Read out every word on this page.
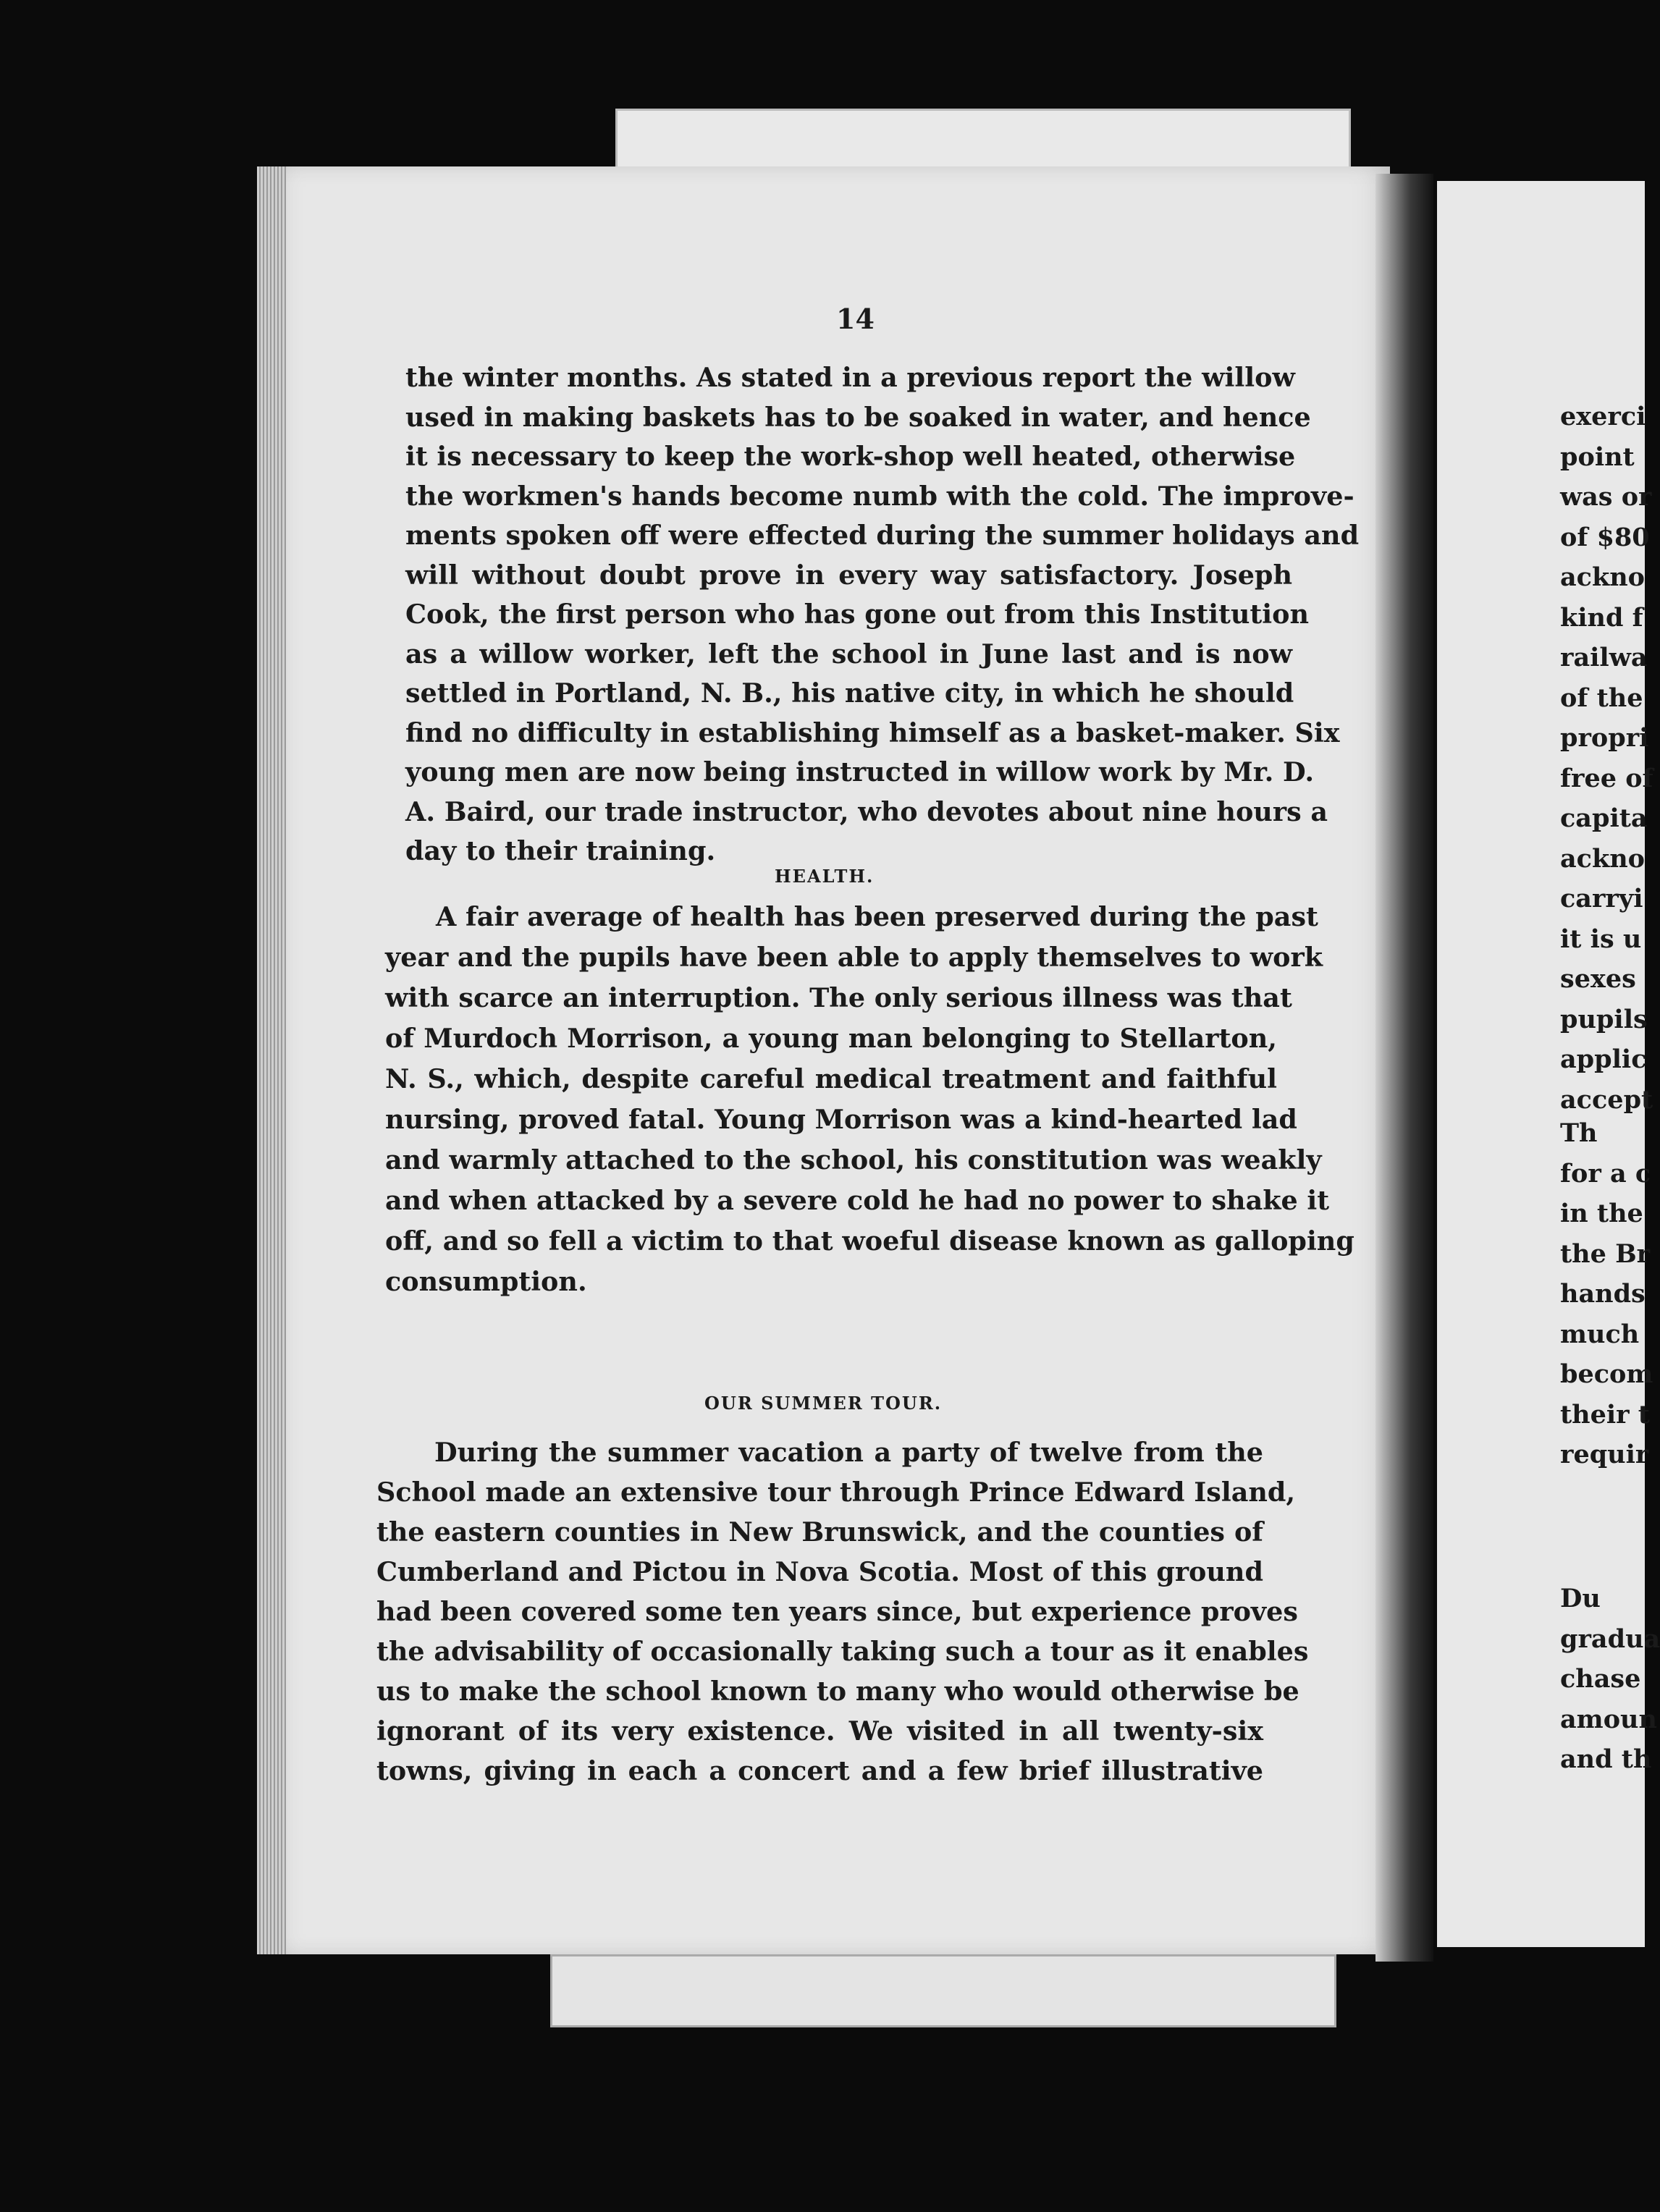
14
the winter months. As stated in a previous report the willow
used in making baskets has to be soaked in water, and hence
it is necessary to keep the work-shop well heated, otherwise
the workmen's hands become numb with the cold. The improve-
ments spoken off were effected during the summer holidays and
will without doubt prove in every way satisfactory. Joseph
Cook, the first person who has gone out from this Institution
as a willow worker, left the school in June last and is now
settled in Portland, N. B., his native city, in which he should
find no difficulty in establishing himself as a basket-maker. Six
young men are now being instructed in willow work by Mr. D.
A. Baird, our trade instructor, who devotes about nine hours a
day to their training.
HEALTH.
A fair average of health has been preserved during the past
year and the pupils have been able to apply themselves to work
with scarce an interruption. The only serious illness was that
of Murdoch Morrison, a young man belonging to Stellarton,
N. S., which, despite careful medical treatment and faithful
nursing, proved fatal. Young Morrison was a kind-hearted lad
and warmly attached to the school, his constitution was weakly
and when attacked by a severe cold he had no power to shake it
off, and so fell a victim to that woeful disease known as galloping
consumption.
OUR SUMMER TOUR.
During the summer vacation a party of twelve from the
School made an extensive tour through Prince Edward Island,
the eastern counties in New Brunswick, and the counties of
Cumberland and Pictou in Nova Scotia. Most of this ground
had been covered some ten years since, but experience proves
the advisability of occasionally taking such a tour as it enables
us to make the school known to many who would otherwise be
ignorant of its very existence. We visited in all twenty-six
towns, giving in each a concert and a few brief illustrative
exerci
point
was or
of $80
ackno
kind f
railwa
of the
propri
free of
capita
ackno
carryi
it is u
sexes
pupils
applic
accept
Th
for a c
in the
the Br
hands
much
becom
their t
requir
Du
gradua
chase
amoun
and th
